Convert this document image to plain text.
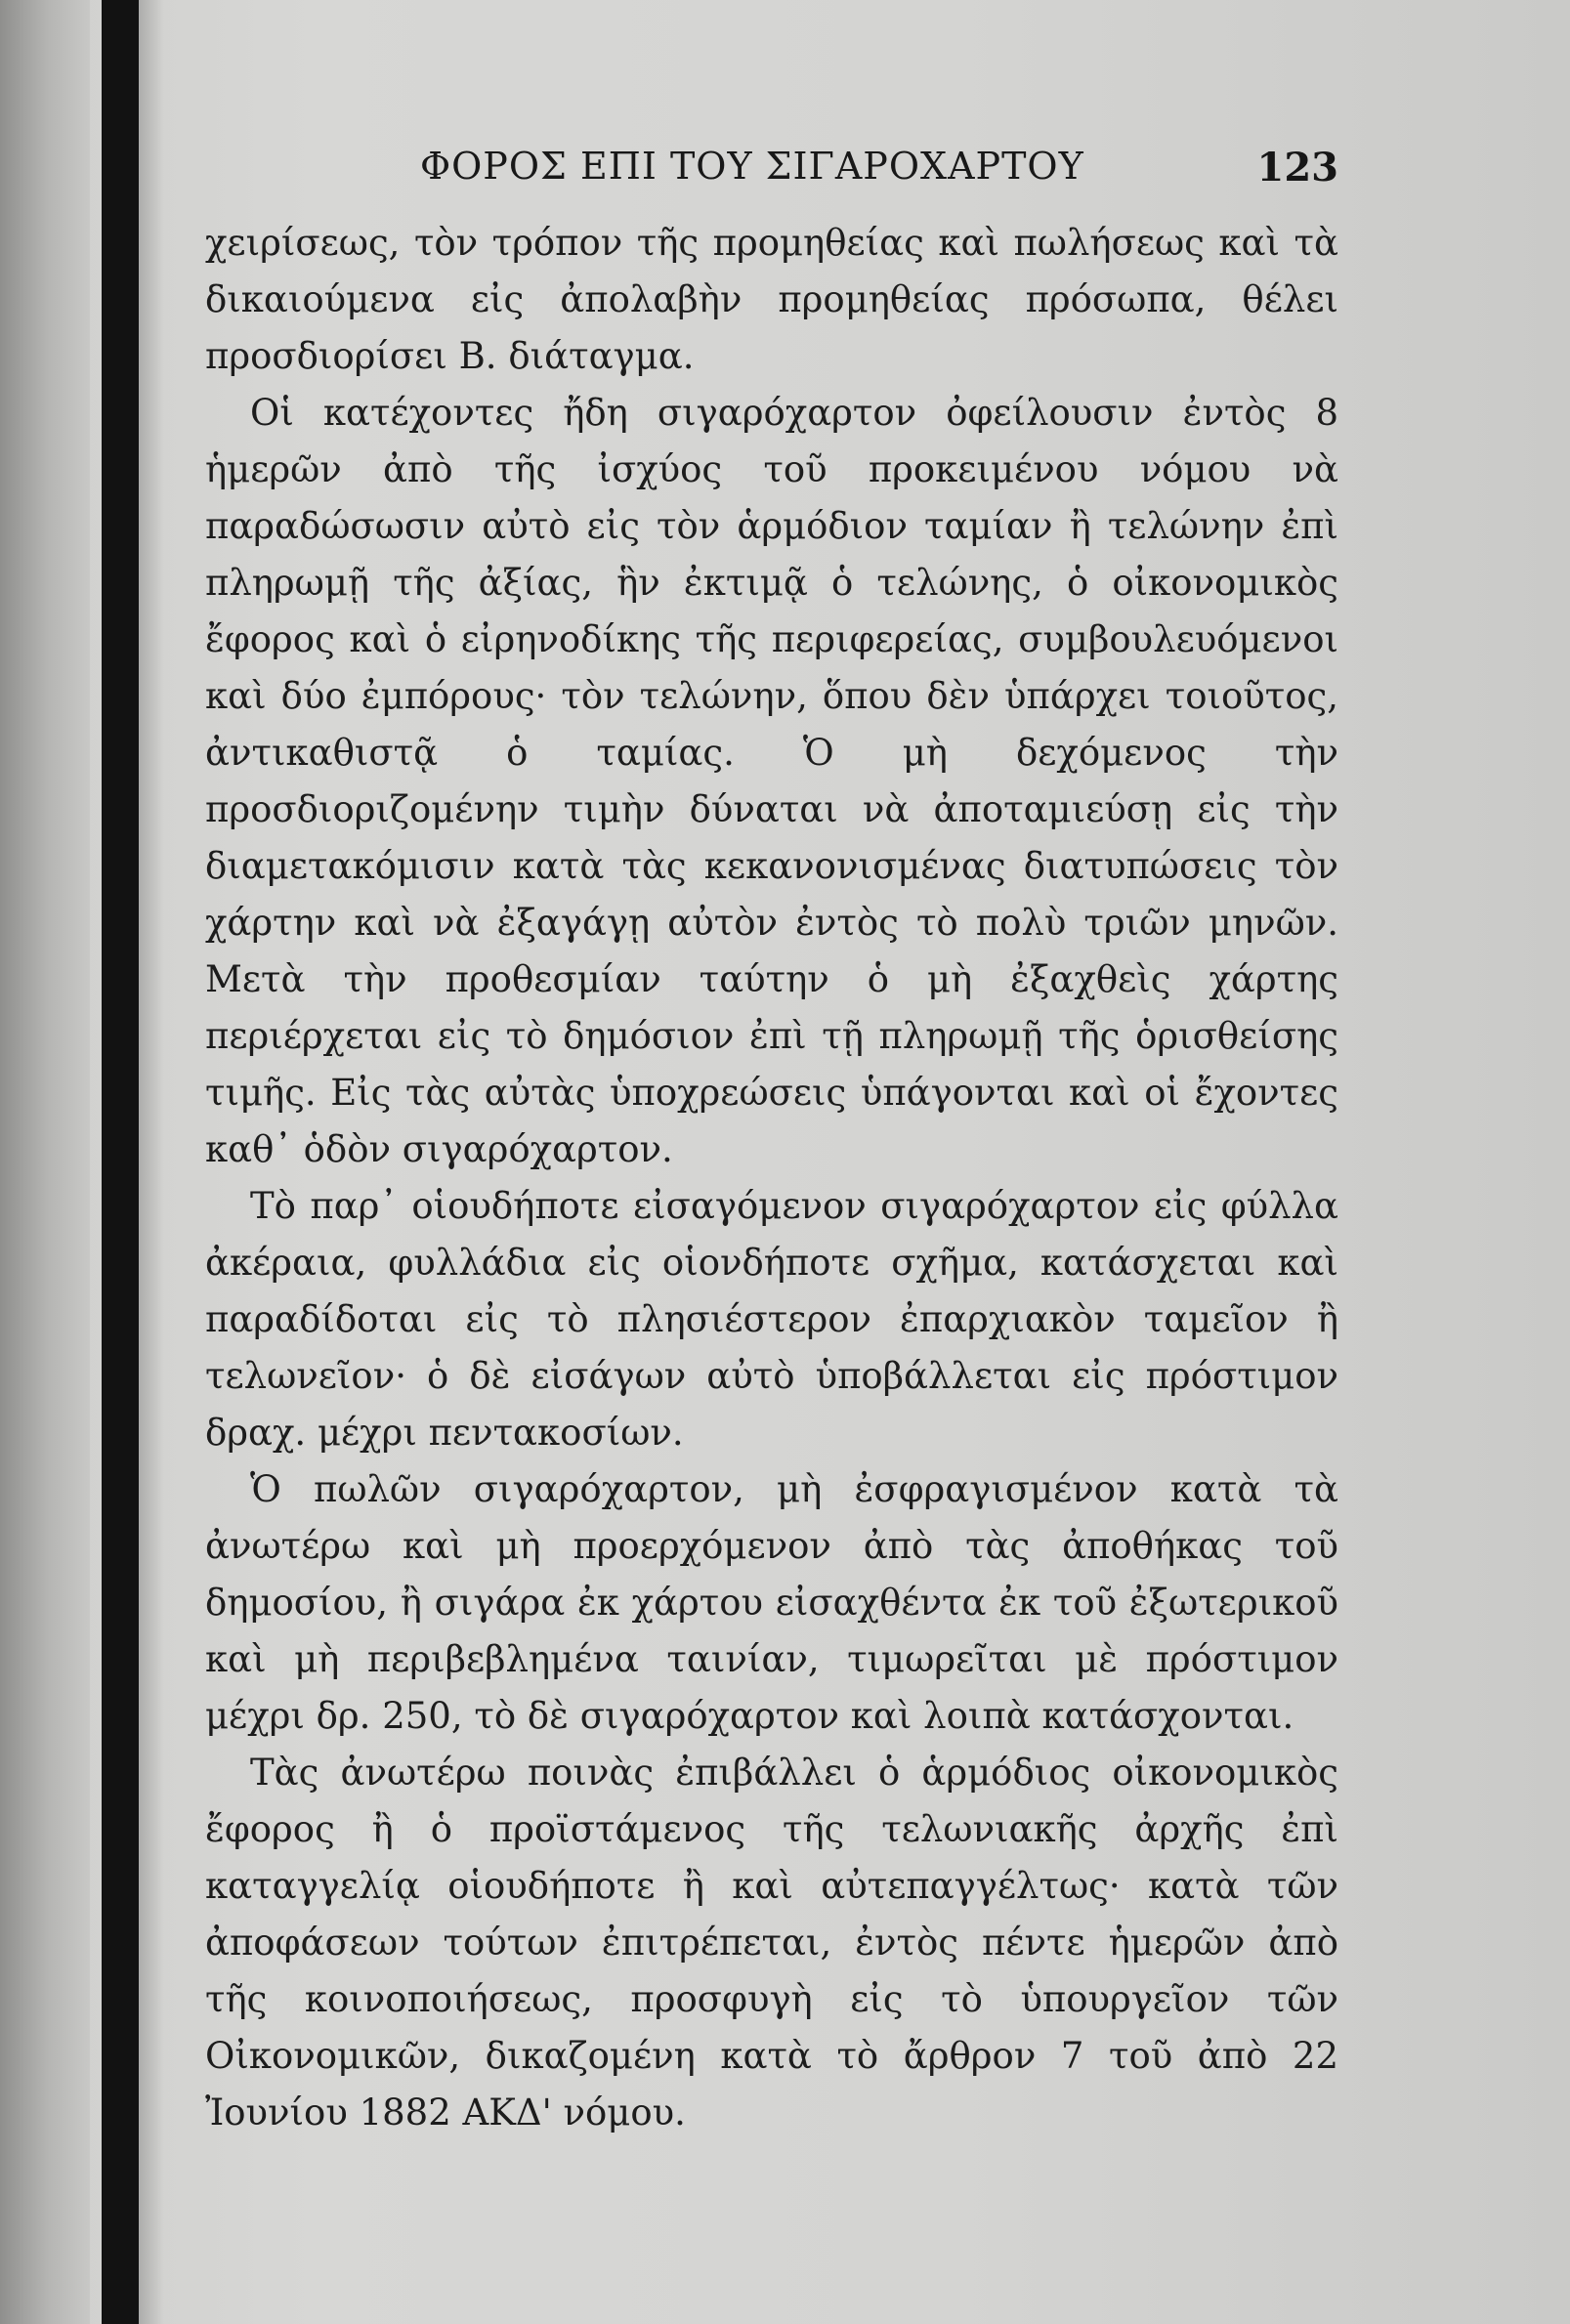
ΦΟΡΟΣ ΕΠΙ ΤΟΥ ΣΙΓΑΡΟΧΑΡΤΟΥ	123

χειρίσεως, τὸν τρόπον τῆς προμηθείας καὶ πωλήσεως καὶ τὰ δικαιούμενα εἰς ἀπολαβὴν προμηθείας πρόσωπα, θέλει προσδιορίσει Β. διάταγμα.

Οἱ κατέχοντες ἤδη σιγαρόχαρτον ὀφείλουσιν ἐντὸς 8 ἡμερῶν ἀπὸ τῆς ἰσχύος τοῦ προκειμένου νόμου νὰ παραδώσωσιν αὐτὸ εἰς τὸν ἁρμόδιον ταμίαν ἢ τελώνην ἐπὶ πληρωμῇ τῆς ἀξίας, ἣν ἐκτιμᾷ ὁ τελώνης, ὁ οἰκονομικὸς ἔφορος καὶ ὁ εἰρηνοδίκης τῆς περιφερείας, συμβουλευόμενοι καὶ δύο ἐμπόρους· τὸν τελώνην, ὅπου δὲν ὑπάρχει τοιοῦτος, ἀντικαθιστᾷ ὁ ταμίας. Ὁ μὴ δεχόμενος τὴν προσδιοριζομένην τιμὴν δύναται νὰ ἀποταμιεύσῃ εἰς τὴν διαμετακόμισιν κατὰ τὰς κεκανονισμένας διατυπώσεις τὸν χάρτην καὶ νὰ ἐξαγάγῃ αὐτὸν ἐντὸς τὸ πολὺ τριῶν μηνῶν. Μετὰ τὴν προθεσμίαν ταύτην ὁ μὴ ἐξαχθεὶς χάρτης περιέρχεται εἰς τὸ δημόσιον ἐπὶ τῇ πληρωμῇ τῆς ὁρισθείσης τιμῆς. Εἰς τὰς αὐτὰς ὑποχρεώσεις ὑπάγονται καὶ οἱ ἔχοντες καθ᾽ ὁδὸν σιγαρόχαρτον.

Τὸ παρ᾽ οἱουδήποτε εἰσαγόμενον σιγαρόχαρτον εἰς φύλλα ἀκέραια, φυλλάδια εἰς οἱονδήποτε σχῆμα, κατάσχεται καὶ παραδίδοται εἰς τὸ πλησιέστερον ἐπαρχιακὸν ταμεῖον ἢ τελωνεῖον· ὁ δὲ εἰσάγων αὐτὸ ὑποβάλλεται εἰς πρόστιμον δραχ. μέχρι πεντακοσίων.

Ὁ πωλῶν σιγαρόχαρτον, μὴ ἐσφραγισμένον κατὰ τὰ ἀνωτέρω καὶ μὴ προερχόμενον ἀπὸ τὰς ἀποθήκας τοῦ δημοσίου, ἢ σιγάρα ἐκ χάρτου εἰσαχθέντα ἐκ τοῦ ἐξωτερικοῦ καὶ μὴ περιβεβλημένα ταινίαν, τιμωρεῖται μὲ πρόστιμον μέχρι δρ. 250, τὸ δὲ σιγαρόχαρτον καὶ λοιπὰ κατάσχονται.

Τὰς ἀνωτέρω ποινὰς ἐπιβάλλει ὁ ἁρμόδιος οἰκονομικὸς ἔφορος ἢ ὁ προϊστάμενος τῆς τελωνιακῆς ἀρχῆς ἐπὶ καταγγελίᾳ οἱουδήποτε ἢ καὶ αὐτεπαγγέλτως· κατὰ τῶν ἀποφάσεων τούτων ἐπιτρέπεται, ἐντὸς πέντε ἡμερῶν ἀπὸ τῆς κοινοποιήσεως, προσφυγὴ εἰς τὸ ὑπουργεῖον τῶν Οἰκονομικῶν, δικαζομένη κατὰ τὸ ἄρθρον 7 τοῦ ἀπὸ 22 Ἰουνίου 1882 ΑΚΔ' νόμου.
